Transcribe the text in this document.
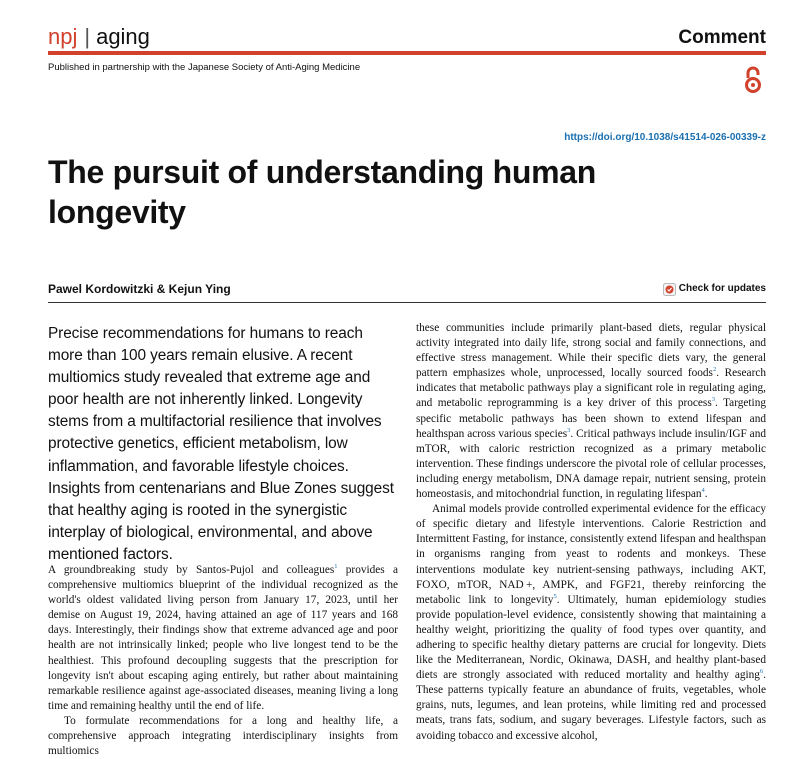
npj | aging	Comment
Published in partnership with the Japanese Society of Anti-Aging Medicine
https://doi.org/10.1038/s41514-026-00339-z
The pursuit of understanding human longevity
Pawel Kordowitzki & Kejun Ying	Check for updates
Precise recommendations for humans to reach more than 100 years remain elusive. A recent multiomics study revealed that extreme age and poor health are not inherently linked. Longevity stems from a multifactorial resilience that involves protective genetics, efficient metabolism, low inflammation, and favorable lifestyle choices. Insights from centenarians and Blue Zones suggest that healthy aging is rooted in the synergistic interplay of biological, environmental, and above mentioned factors.

A groundbreaking study by Santos-Pujol and colleagues$^1$ provides a comprehensive multiomics blueprint of the individual recognized as the world's oldest validated living person from January 17, 2023, until her demise on August 19, 2024, having attained an age of 117 years and 168 days. Interestingly, their findings show that extreme advanced age and poor health are not intrinsically linked; people who live longest tend to be the healthiest. This profound decoupling suggests that the prescription for longevity isn't about escaping aging entirely, but rather about maintaining remarkable resilience against age-associated diseases, meaning living a long time and remaining healthy until the end of life.

To formulate recommendations for a long and healthy life, a comprehensive approach integrating interdisciplinary insights from multiomics

these communities include primarily plant-based diets, regular physical activity integrated into daily life, strong social and family connections, and effective stress management. While their specific diets vary, the general pattern emphasizes whole, unprocessed, locally sourced foods$^2$. Research indicates that metabolic pathways play a significant role in regulating aging, and metabolic reprogramming is a key driver of this process$^3$. Targeting specific metabolic pathways has been shown to extend lifespan and healthspan across various species$^3$. Critical pathways include insulin/IGF and mTOR, with caloric restriction recognized as a primary metabolic intervention. These findings underscore the pivotal role of cellular processes, including energy metabolism, DNA damage repair, nutrient sensing, protein homeostasis, and mitochondrial function, in regulating lifespan$^4$.

Animal models provide controlled experimental evidence for the efficacy of specific dietary and lifestyle interventions. Calorie Restriction and Intermittent Fasting, for instance, consistently extend lifespan and healthspan in organisms ranging from yeast to rodents and monkeys. These interventions modulate key nutrient-sensing pathways, including AKT, FOXO, mTOR, NAD +, AMPK, and FGF21, thereby reinforcing the metabolic link to longevity$^5$. Ultimately, human epidemiology studies provide population-level evidence, consistently showing that maintaining a healthy weight, prioritizing the quality of food types over quantity, and adhering to specific healthy dietary patterns are crucial for longevity. Diets like the Mediterranean, Nordic, Okinawa, DASH, and healthy plant-based diets are strongly associated with reduced mortality and healthy aging$^6$. These patterns typically feature an abundance of fruits, vegetables, whole grains, nuts, legumes, and lean proteins, while limiting red and processed meats, trans fats, sodium, and sugary beverages. Lifestyle factors, such as avoiding tobacco and excessive alcohol,
